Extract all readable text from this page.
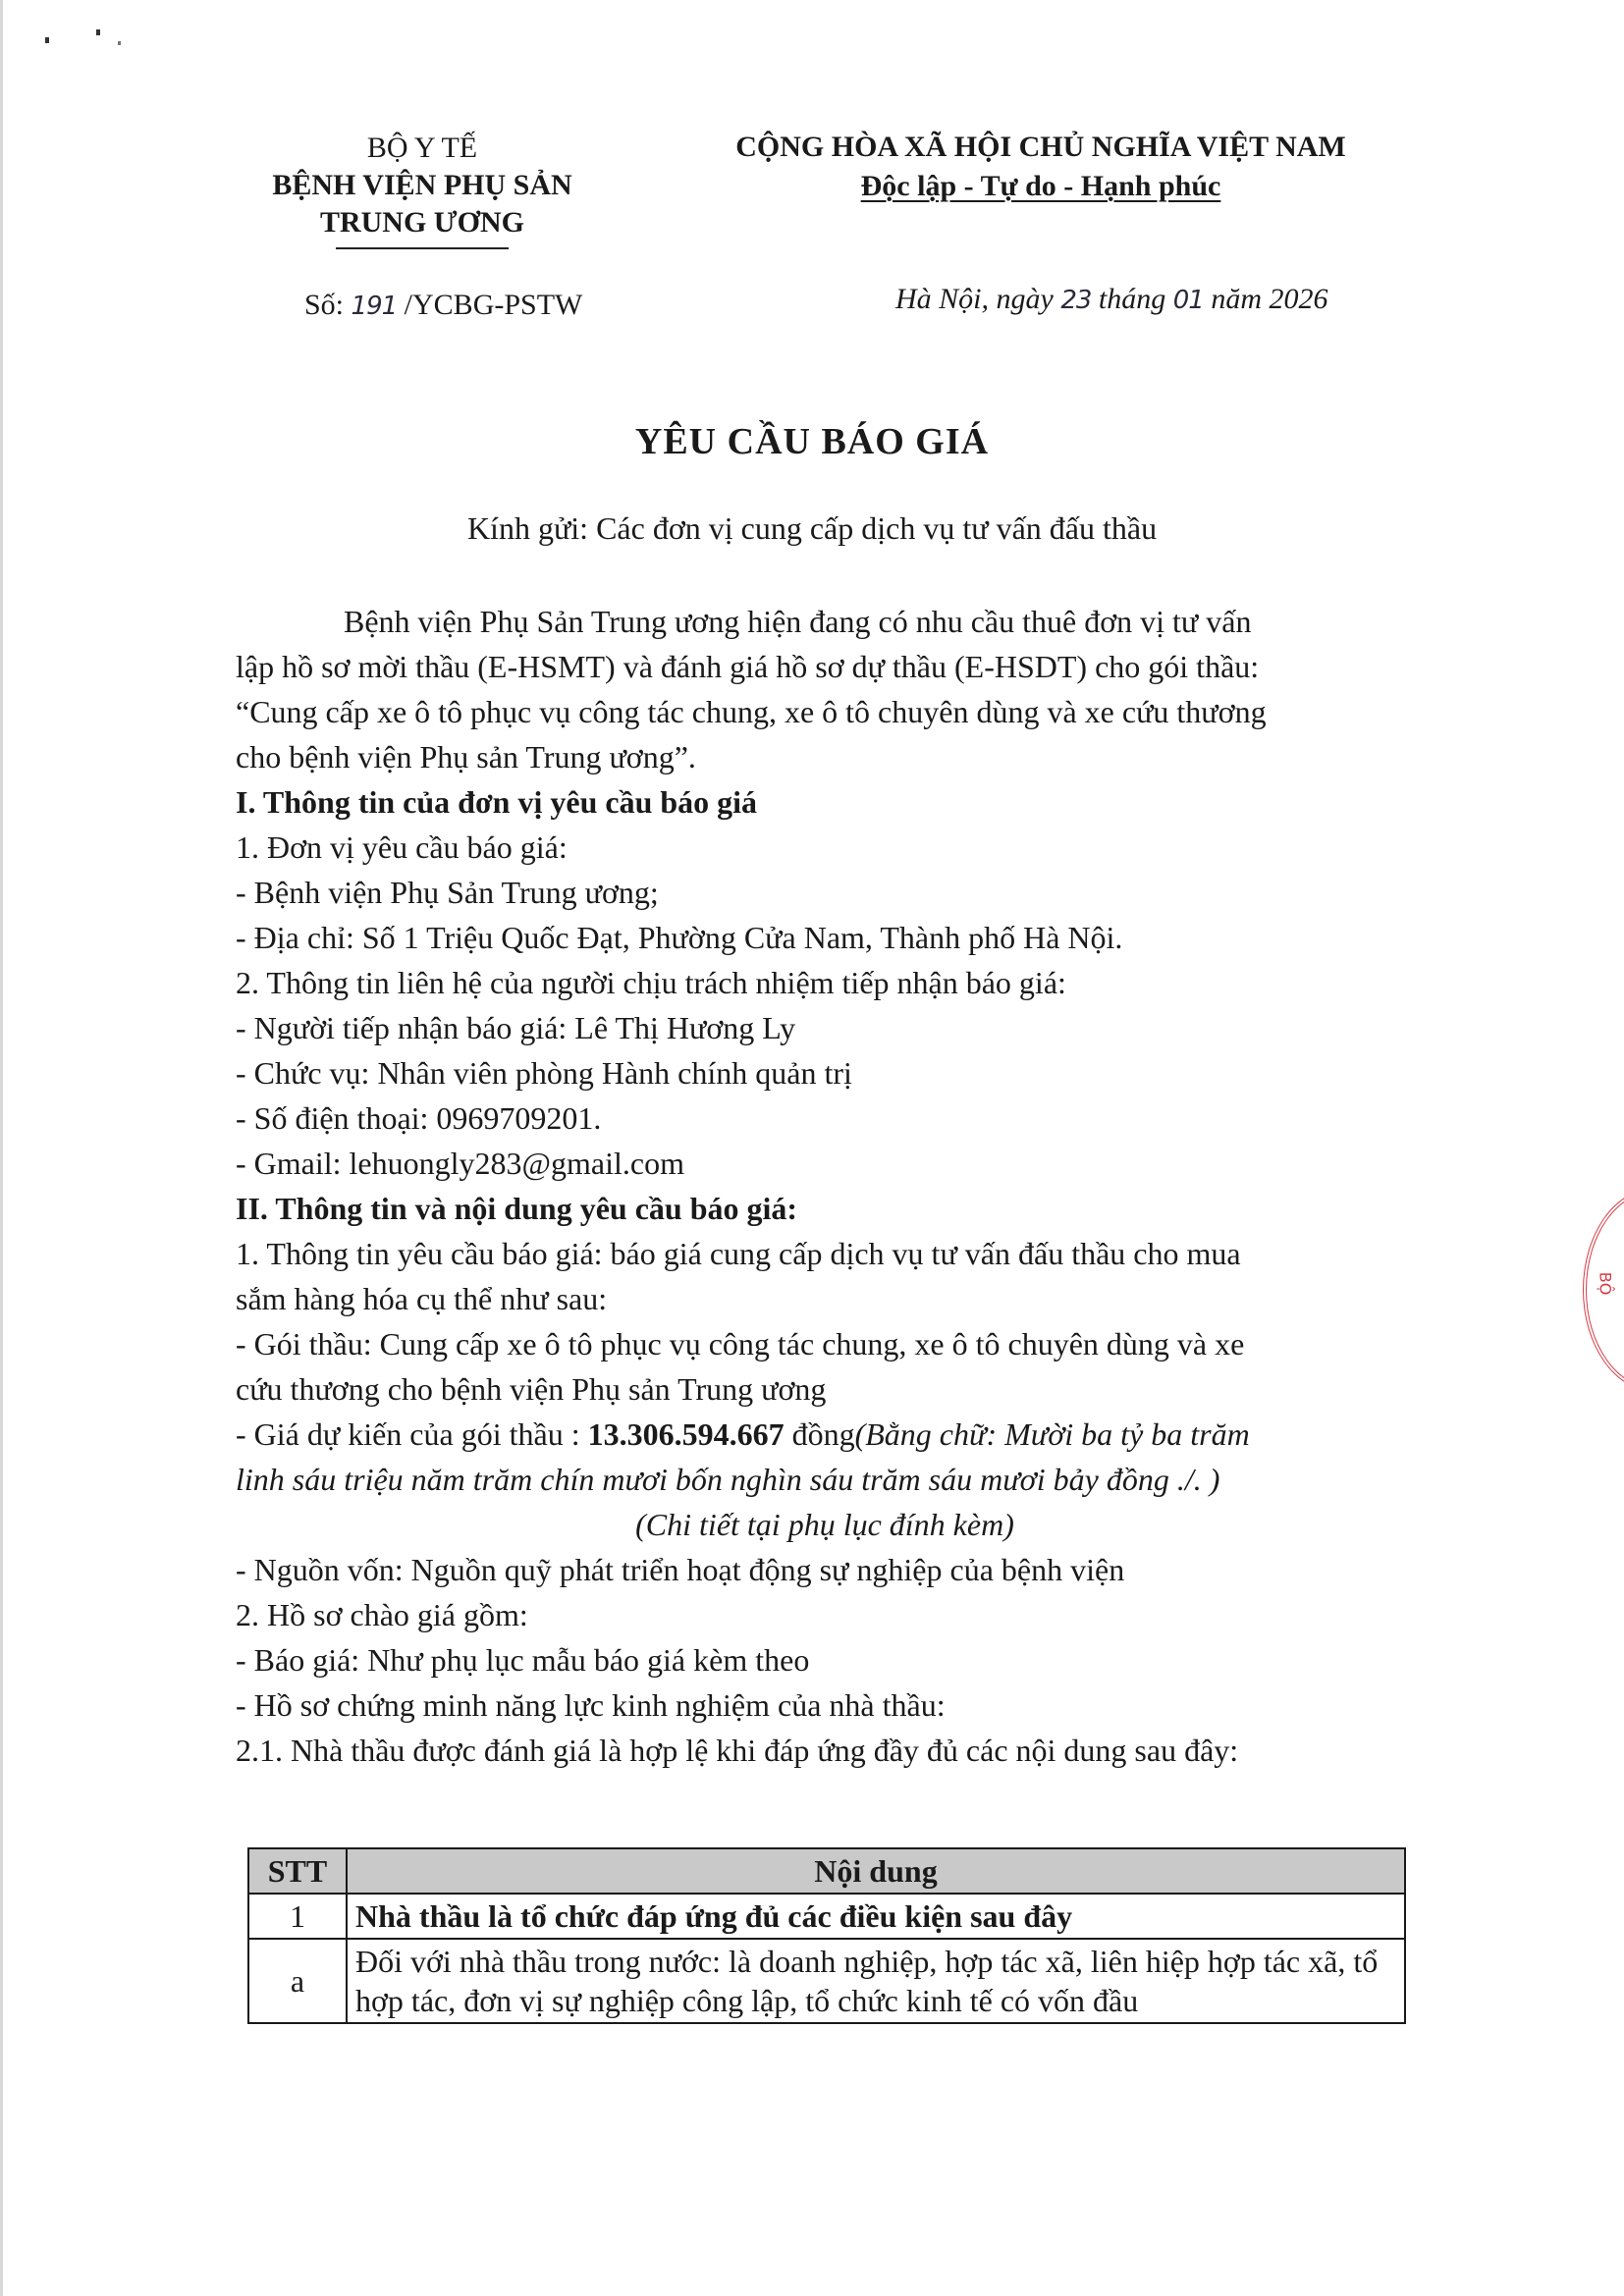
BỘ Y TẾ
BỆNH VIỆN PHỤ SẢN
TRUNG ƯƠNG
CỘNG HÒA XÃ HỘI CHỦ NGHĨA VIỆT NAM
Độc lập - Tự do - Hạnh phúc
Số: 191 /YCBG-PSTW	Hà Nội, ngày 23 tháng 01 năm 2026
YÊU CẦU BÁO GIÁ
Kính gửi: Các đơn vị cung cấp dịch vụ tư vấn đấu thầu
Bệnh viện Phụ Sản Trung ương hiện đang có nhu cầu thuê đơn vị tư vấn
lập hồ sơ mời thầu (E-HSMT) và đánh giá hồ sơ dự thầu (E-HSDT) cho gói thầu:
“Cung cấp xe ô tô phục vụ công tác chung, xe ô tô chuyên dùng và xe cứu thương
cho bệnh viện Phụ sản Trung ương”.
I. Thông tin của đơn vị yêu cầu báo giá
1. Đơn vị yêu cầu báo giá:
- Bệnh viện Phụ Sản Trung ương;
- Địa chỉ: Số 1 Triệu Quốc Đạt, Phường Cửa Nam, Thành phố Hà Nội.
2. Thông tin liên hệ của người chịu trách nhiệm tiếp nhận báo giá:
- Người tiếp nhận báo giá: Lê Thị Hương Ly
- Chức vụ: Nhân viên phòng Hành chính quản trị
- Số điện thoại: 0969709201.
- Gmail: lehuongly283@gmail.com
II. Thông tin và nội dung yêu cầu báo giá:
1. Thông tin yêu cầu báo giá: báo giá cung cấp dịch vụ tư vấn đấu thầu cho mua
sắm hàng hóa cụ thể như sau:
- Gói thầu: Cung cấp xe ô tô phục vụ công tác chung, xe ô tô chuyên dùng và xe
cứu thương cho bệnh viện Phụ sản Trung ương
- Giá dự kiến của gói thầu : 13.306.594.667 đồng(Bằng chữ: Mười ba tỷ ba trăm
linh sáu triệu năm trăm chín mươi bốn nghìn sáu trăm sáu mươi bảy đồng ./. )
(Chi tiết tại phụ lục đính kèm)
- Nguồn vốn: Nguồn quỹ phát triển hoạt động sự nghiệp của bệnh viện
2. Hồ sơ chào giá gồm:
- Báo giá: Như phụ lục mẫu báo giá kèm theo
- Hồ sơ chứng minh năng lực kinh nghiệm của nhà thầu:
2.1. Nhà thầu được đánh giá là hợp lệ khi đáp ứng đầy đủ các nội dung sau đây:
STT	Nội dung
1	Nhà thầu là tổ chức đáp ứng đủ các điều kiện sau đây
a	Đối với nhà thầu trong nước: là doanh nghiệp, hợp tác xã, liên hiệp hợp tác xã, tổ hợp tác, đơn vị sự nghiệp công lập, tổ chức kinh tế có vốn đầu
BỘ
